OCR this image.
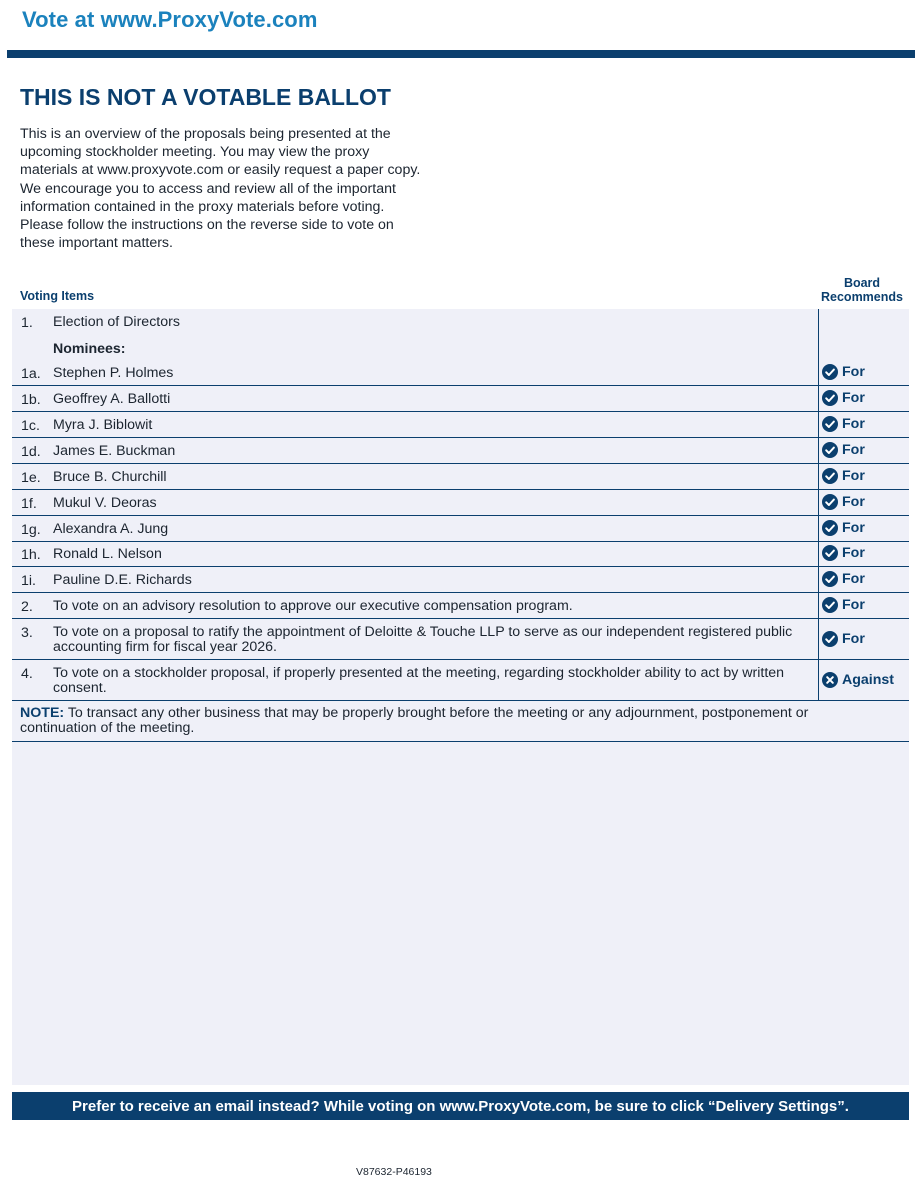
Vote at www.ProxyVote.com
THIS IS NOT A VOTABLE BALLOT
This is an overview of the proposals being presented at the
upcoming stockholder meeting. You may view the proxy
materials at www.proxyvote.com or easily request a paper copy.
We encourage you to access and review all of the important
information contained in the proxy materials before voting.
Please follow the instructions on the reverse side to vote on
these important matters.
Voting Items
Board
Recommends
1. Election of Directors
Nominees:
1a. Stephen P. Holmes	For
1b. Geoffrey A. Ballotti	For
1c. Myra J. Biblowit	For
1d. James E. Buckman	For
1e. Bruce B. Churchill	For
1f. Mukul V. Deoras	For
1g. Alexandra A. Jung	For
1h. Ronald L. Nelson	For
1i. Pauline D.E. Richards	For
2. To vote on an advisory resolution to approve our executive compensation program.	For
3. To vote on a proposal to ratify the appointment of Deloitte & Touche LLP to serve as our independent registered public accounting firm for fiscal year 2026.	For
4. To vote on a stockholder proposal, if properly presented at the meeting, regarding stockholder ability to act by written consent.	Against
NOTE: To transact any other business that may be properly brought before the meeting or any adjournment, postponement or continuation of the meeting.
Prefer to receive an email instead? While voting on www.ProxyVote.com, be sure to click “Delivery Settings”.
V87632-P46193
